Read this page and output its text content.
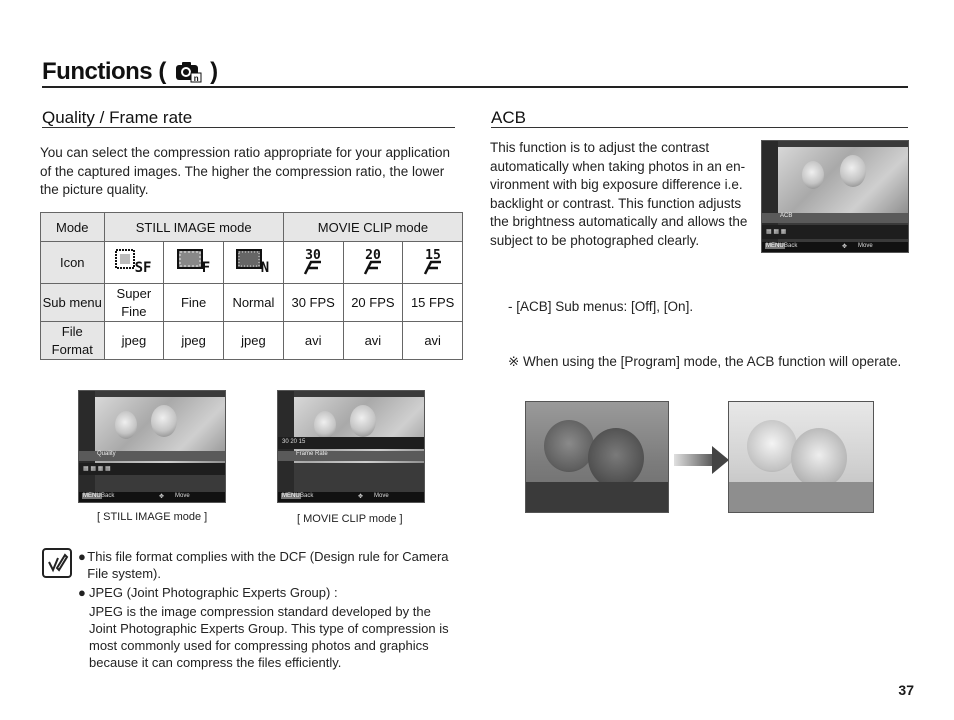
Functions (	n )
Quality / Frame rate
You can select the compression ratio appropriate for your application of the captured images. The higher the compression ratio, the lower the picture quality.
Mode	STILL IMAGE mode			MOVIE CLIP mode		
Icon	SF	F	N	30	20	15

Sub menu	Super Fine	Fine	Normal	30 FPS	20 FPS	15 FPS
File Format	jpeg	jpeg	jpeg	avi	avi	avi
Quality
▦ ▦ ▦ ▦
MENU Back	✥ Move
[ STILL IMAGE mode ]
30 20 15
Frame Rate
MENU Back	✥ Move
[ MOVIE CLIP mode ]
● This file format complies with the DCF (Design rule for Camera File system).
● JPEG (Joint Photographic Experts Group) :
JPEG is the image compression standard developed by the Joint Photographic Experts Group. This type of compression is most commonly used for compressing photos and graphics because it can compress the files efficiently.
ACB
This function is to adjust the contrast automatically when taking photos in an en-vironment with big exposure difference i.e. backlight or contrast. This function adjusts the brightness automatically and allows the subject to be photographed clearly.
ACB
▦ ▦ ▦
MENU Back	✥ Move
- [ACB] Sub menus: [Off], [On].
※ When using the [Program] mode, the ACB function will operate.
37
